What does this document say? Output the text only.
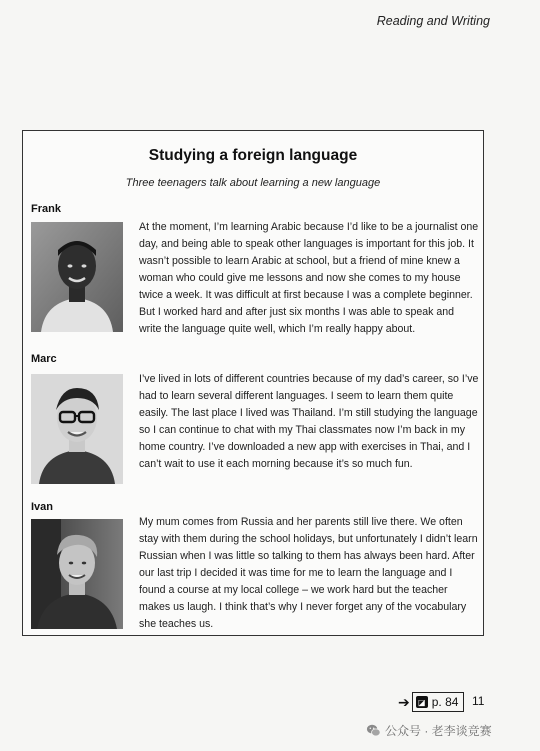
Reading and Writing
Studying a foreign language
Three teenagers talk about learning a new language
Frank
At the moment, I’m learning Arabic because I’d like to be a journalist one day, and being able to speak other languages is important for this job. It wasn’t possible to learn Arabic at school, but a friend of mine knew a woman who could give me lessons and now she comes to my house twice a week. It was difficult at first because I was a complete beginner. But I worked hard and after just six months I was able to speak and write the language quite well, which I’m really happy about.
Marc
I’ve lived in lots of different countries because of my dad’s career, so I’ve had to learn several different languages. I seem to learn them quite easily. The last place I lived was Thailand. I’m still studying the language so I can continue to chat with my Thai classmates now I’m back in my home country. I’ve downloaded a new app with exercises in Thai, and I can’t wait to use it each morning because it’s so much fun.
Ivan
My mum comes from Russia and her parents still live there. We often stay with them during the school holidays, but unfortunately I didn’t learn Russian when I was little so talking to them has always been hard. After our last trip I decided it was time for me to learn the language and I found a course at my local college – we work hard but the teacher makes us laugh. I think that’s why I never forget any of the vocabulary she teaches us.
➔ ◪ p. 84 11
公众号 · 老李谈竞赛
